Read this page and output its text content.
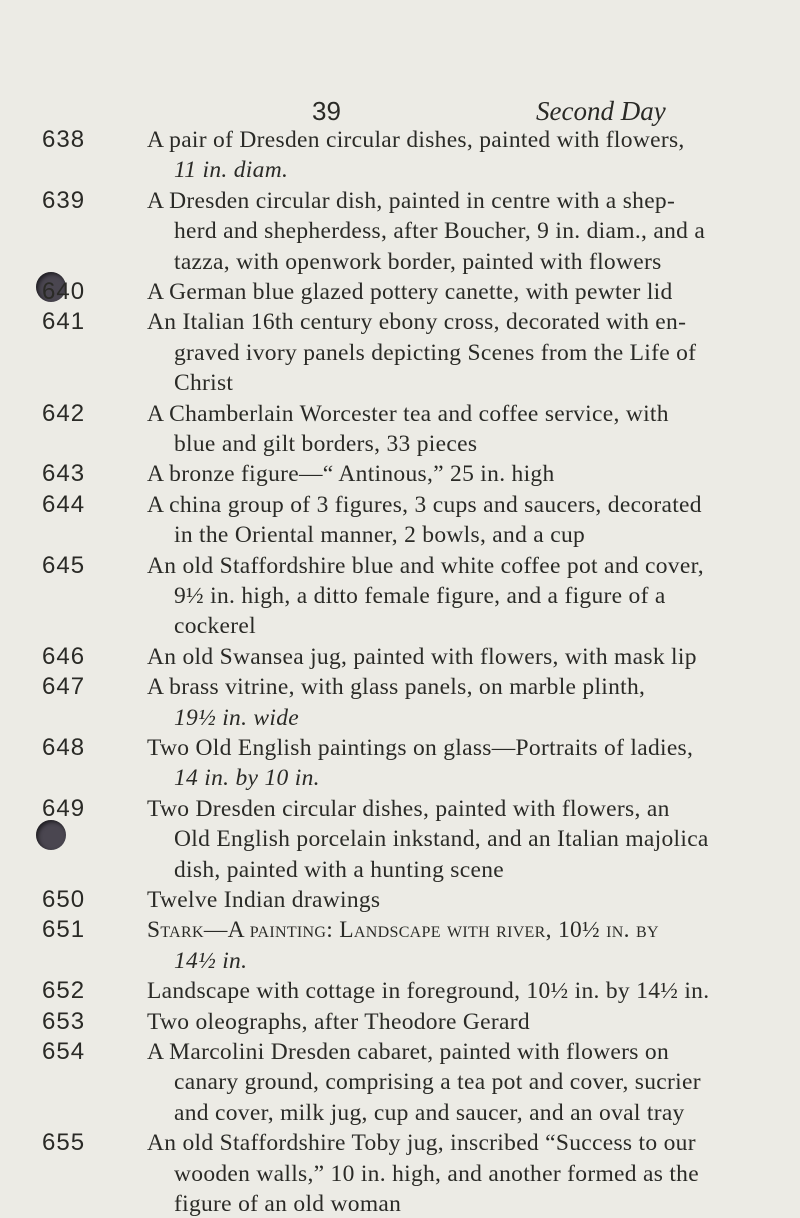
39	Second Day
638	A pair of Dresden circular dishes, painted with flowers,
11 in. diam.
639	A Dresden circular dish, painted in centre with a shep-
herd and shepherdess, after Boucher, 9 in. diam., and a
tazza, with openwork border, painted with flowers
640	A German blue glazed pottery canette, with pewter lid
641	An Italian 16th century ebony cross, decorated with en-
graved ivory panels depicting Scenes from the Life of
Christ
642	A Chamberlain Worcester tea and coffee service, with
blue and gilt borders, 33 pieces
643	A bronze figure—“ Antinous,” 25 in. high
644	A china group of 3 figures, 3 cups and saucers, decorated
in the Oriental manner, 2 bowls, and a cup
645	An old Staffordshire blue and white coffee pot and cover,
9½ in. high, a ditto female figure, and a figure of a
cockerel
646	An old Swansea jug, painted with flowers, with mask lip
647	A brass vitrine, with glass panels, on marble plinth,
19½ in. wide
648	Two Old English paintings on glass—Portraits of ladies,
14 in. by 10 in.
649	Two Dresden circular dishes, painted with flowers, an
Old English porcelain inkstand, and an Italian majolica
dish, painted with a hunting scene
650	Twelve Indian drawings
651	Stark—A painting: Landscape with river, 10½ in. by
14½ in.
652	Landscape with cottage in foreground, 10½ in. by 14½ in.
653	Two oleographs, after Theodore Gerard
654	A Marcolini Dresden cabaret, painted with flowers on
canary ground, comprising a tea pot and cover, sucrier
and cover, milk jug, cup and saucer, and an oval tray
655	An old Staffordshire Toby jug, inscribed “Success to our
wooden walls,” 10 in. high, and another formed as the
figure of an old woman
